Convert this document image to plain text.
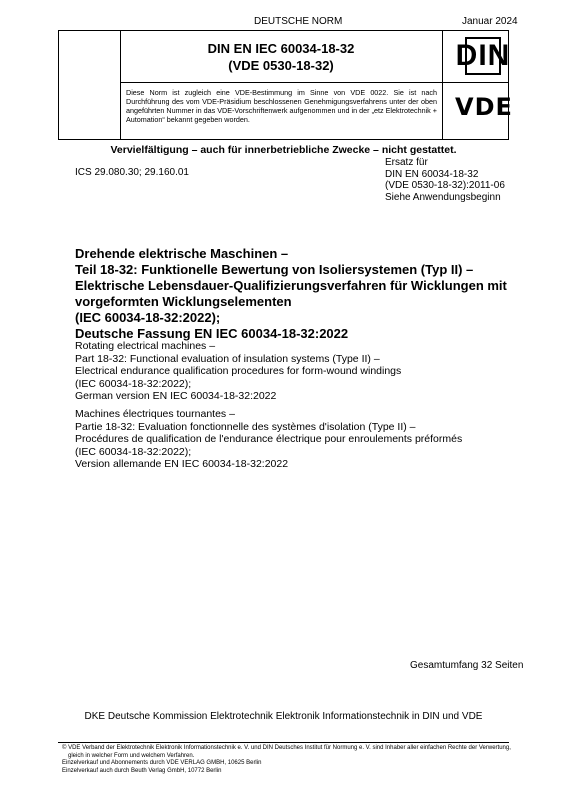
DEUTSCHE NORM	Januar 2024
DIN EN IEC 60034-18-32
(VDE 0530-18-32)
Diese Norm ist zugleich eine VDE-Bestimmung im Sinne von VDE 0022. Sie ist nach Durchführung des vom VDE-Präsidium beschlossenen Genehmigungsverfahrens unter der oben angeführten Nummer in das VDE-Vorschriftenwerk aufgenommen und in der „etz Elektrotechnik + Automation“ bekannt gegeben worden.
DIN
VDE
Vervielfältigung – auch für innerbetriebliche Zwecke – nicht gestattet.
ICS 29.080.30; 29.160.01
Ersatz für
DIN EN 60034-18-32
(VDE 0530-18-32):2011-06
Siehe Anwendungsbeginn
Drehende elektrische Maschinen –
Teil 18-32: Funktionelle Bewertung von Isoliersystemen (Typ II) –
Elektrische Lebensdauer-Qualifizierungsverfahren für Wicklungen mit
vorgeformten Wicklungselementen
(IEC 60034-18-32:2022);
Deutsche Fassung EN IEC 60034-18-32:2022
Rotating electrical machines –
Part 18-32: Functional evaluation of insulation systems (Type II) –
Electrical endurance qualification procedures for form-wound windings
(IEC 60034-18-32:2022);
German version EN IEC 60034-18-32:2022
Machines électriques tournantes –
Partie 18-32: Evaluation fonctionnelle des systèmes d'isolation (Type II) –
Procédures de qualification de l'endurance électrique pour enroulements préformés
(IEC 60034-18-32:2022);
Version allemande EN IEC 60034-18-32:2022
Gesamtumfang 32 Seiten
DKE Deutsche Kommission Elektrotechnik Elektronik Informationstechnik in DIN und VDE
© VDE Verband der Elektrotechnik Elektronik Informationstechnik e. V. und DIN Deutsches Institut für Normung e. V. sind Inhaber aller einfachen Rechte der Verwertung,
gleich in welcher Form und welchem Verfahren.
Einzelverkauf und Abonnements durch VDE VERLAG GMBH, 10625 Berlin
Einzelverkauf auch durch Beuth Verlag GmbH, 10772 Berlin
